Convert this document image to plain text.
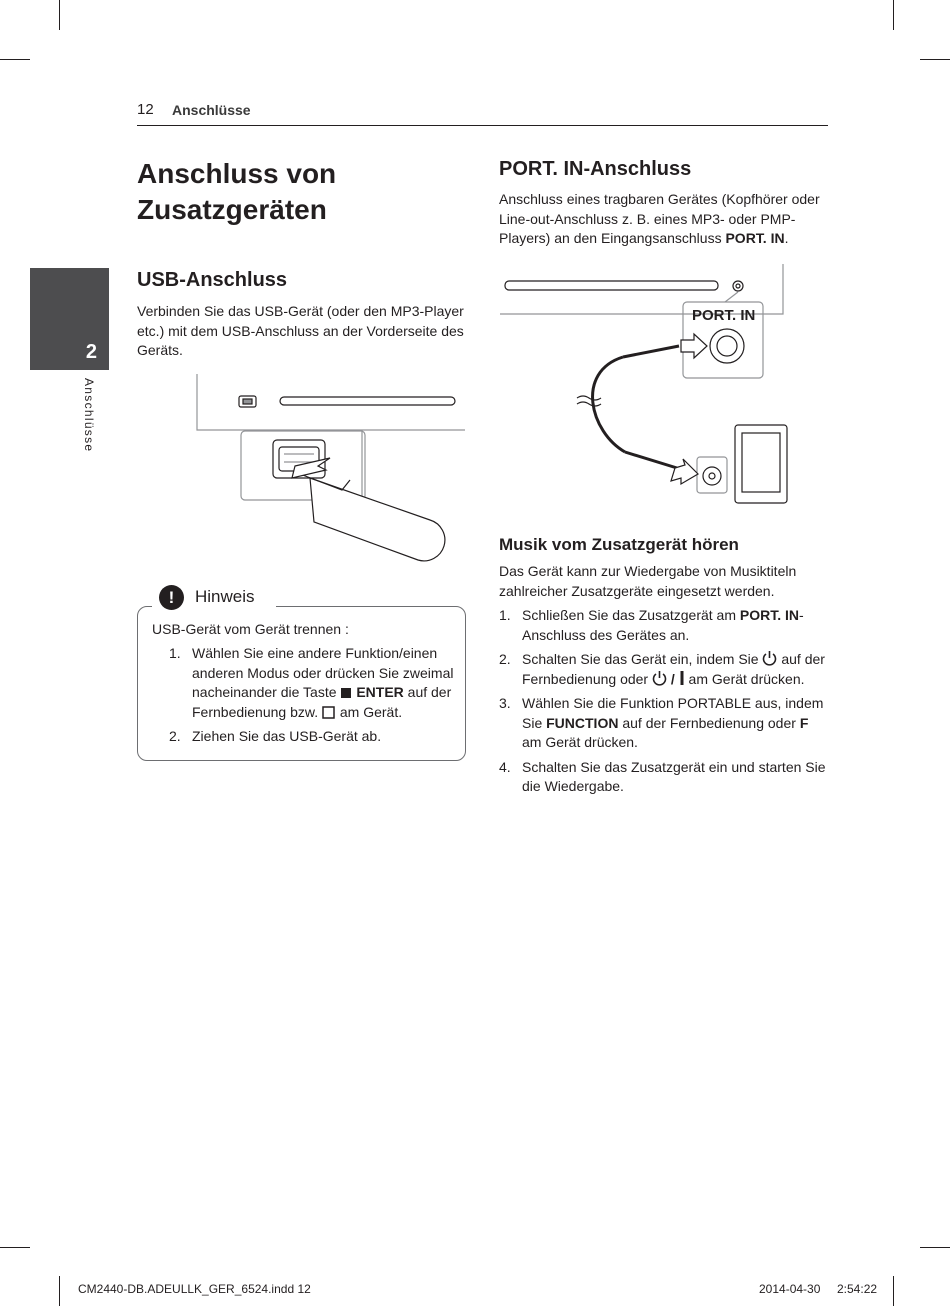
12 Anschlüsse
2
Anschlüsse
Anschluss von
Zusatzgeräten
USB-Anschluss
Verbinden Sie das USB-Gerät (oder den MP3-Player etc.) mit dem USB-Anschluss an der Vorderseite des Geräts.
!	Hinweis
USB-Gerät vom Gerät trennen :
1. Wählen Sie eine andere Funktion/einen anderen Modus oder drücken Sie zweimal nacheinander die Taste  ENTER auf der Fernbedienung bzw.  am Gerät.
2. Ziehen Sie das USB-Gerät ab.
PORT. IN-Anschluss
Anschluss eines tragbaren Gerätes (Kopfhörer oder Line-out-Anschluss z. B. eines MP3- oder PMP-Players) an den Eingangsanschluss PORT. IN.
PORT. IN
Musik vom Zusatzgerät hören
Das Gerät kann zur Wiedergabe von Musiktiteln zahlreicher Zusatzgeräte eingesetzt werden.
1. Schließen Sie das Zusatzgerät am PORT. IN-Anschluss des Gerätes an.
2. Schalten Sie das Gerät ein, indem Sie  auf der Fernbedienung oder  /  am Gerät drücken.
3. Wählen Sie die Funktion PORTABLE aus, indem Sie FUNCTION auf der Fernbedienung oder F am Gerät drücken.
4. Schalten Sie das Zusatzgerät ein und starten Sie die Wiedergabe.
CM2440-DB.ADEULLK_GER_6524.indd 12	2014-04-30 2:54:22
